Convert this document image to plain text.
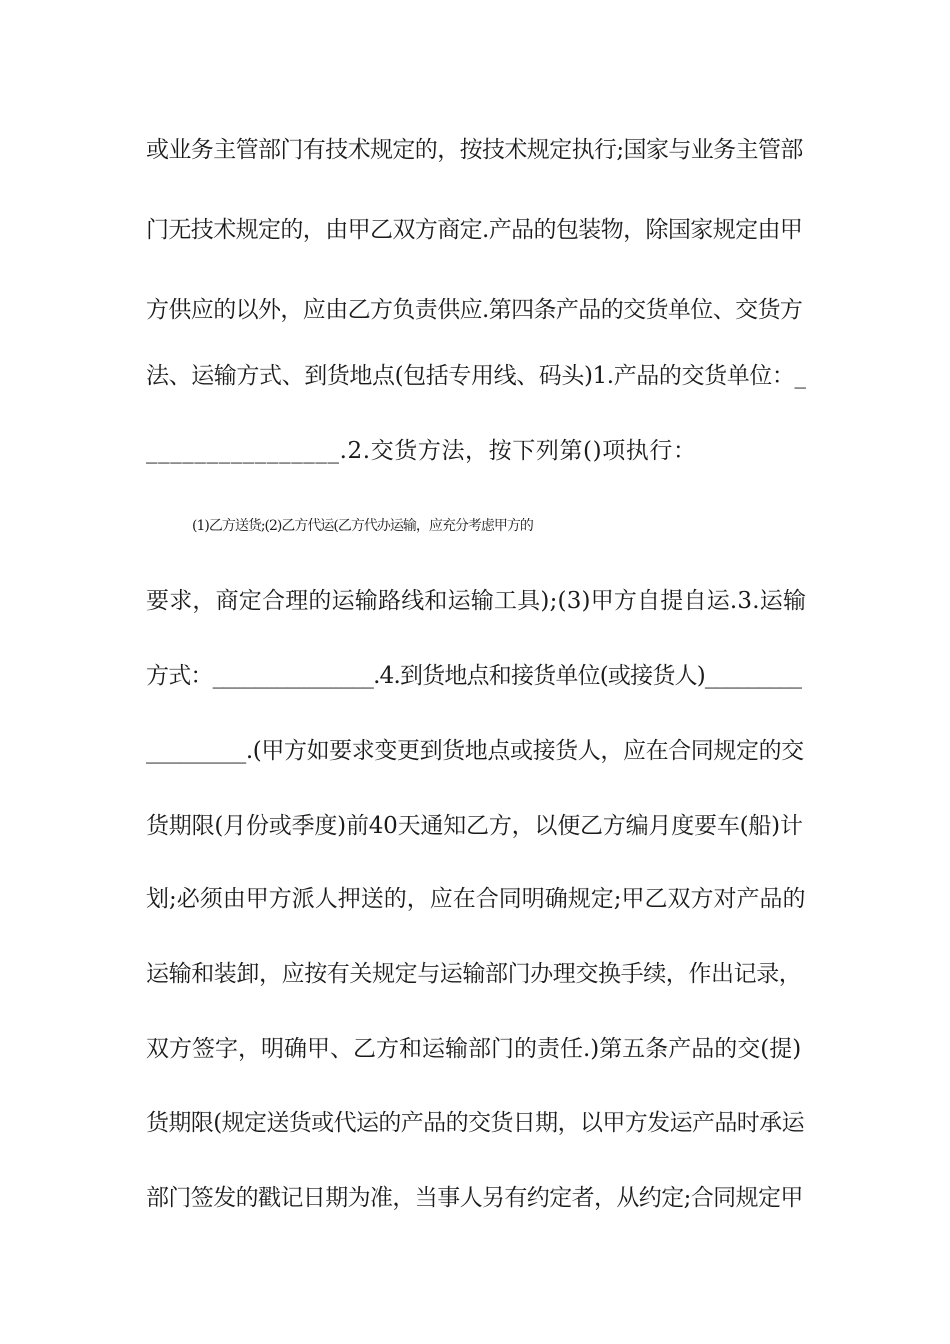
或业务主管部门有技术规定的，按技术规定执行;国家与业务主管部
门无技术规定的，由甲乙双方商定.产品的包装物，除国家规定由甲
方供应的以外，应由乙方负责供应.第四条产品的交货单位、交货方
法、运输方式、到货地点(包括专用线、码头)1.产品的交货单位：_
________________.2.交货方法，按下列第()项执行：
(1)乙方送货;(2)乙方代运(乙方代办运输，应充分考虑甲方的
要求，商定合理的运输路线和运输工具);(3)甲方自提自运.3.运输
方式：_______________.4.到货地点和接货单位(或接货人)_________
_________.(甲方如要求变更到货地点或接货人，应在合同规定的交
货期限(月份或季度)前40天通知乙方，以便乙方编月度要车(船)计
划;必须由甲方派人押送的，应在合同明确规定;甲乙双方对产品的
运输和装卸，应按有关规定与运输部门办理交换手续，作出记录，
双方签字，明确甲、乙方和运输部门的责任.)第五条产品的交(提)
货期限(规定送货或代运的产品的交货日期，以甲方发运产品时承运
部门签发的戳记日期为准，当事人另有约定者，从约定;合同规定甲
